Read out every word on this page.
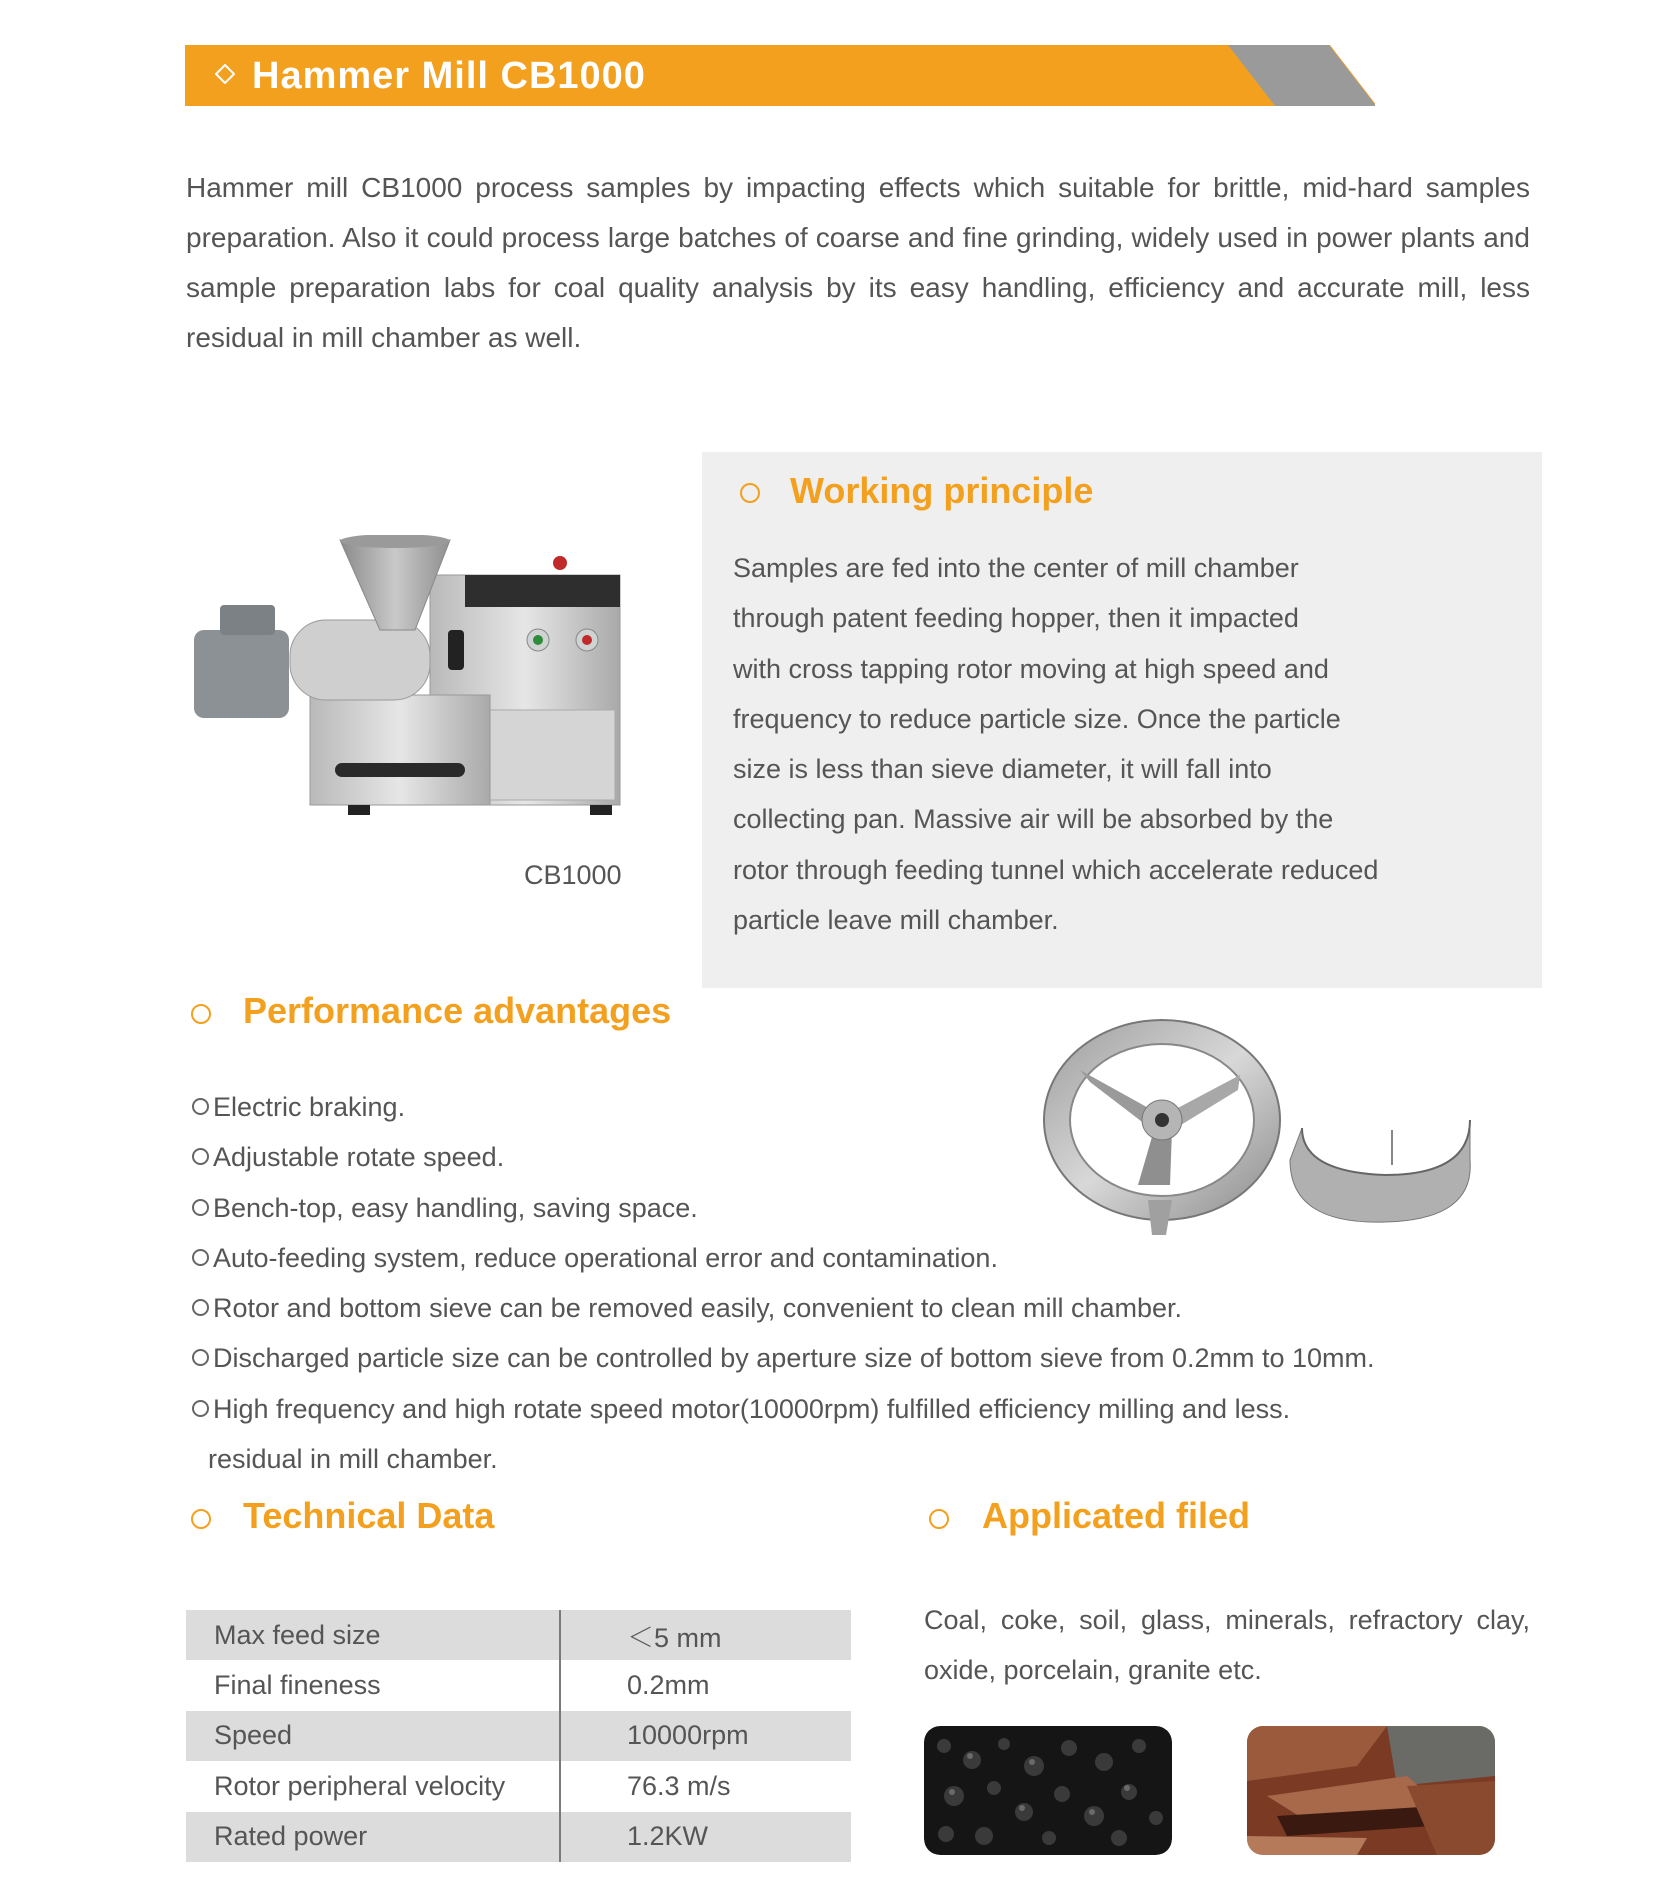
Hammer Mill CB1000
Hammer mill CB1000 process samples by impacting effects which suitable for brittle, mid-hard samples preparation. Also it could process large batches of coarse and fine grinding, widely used in power plants and sample preparation labs for coal quality analysis by its easy handling, efficiency and accurate mill, less residual in mill chamber as well.
CB1000
Working principle
Samples are fed into the center of mill chamber
through patent feeding hopper, then it impacted
with cross tapping rotor moving at high speed and
frequency to reduce particle size. Once the particle
size is less than sieve diameter, it will fall into
collecting pan. Massive air will be absorbed by the
rotor through feeding tunnel which accelerate reduced
particle leave mill chamber.
Performance advantages
Electric braking.
Adjustable rotate speed.
Bench-top, easy handling, saving space.
Auto-feeding system, reduce operational error and contamination.
Rotor and bottom sieve can be removed easily, convenient to clean mill chamber.
Discharged particle size can be controlled by aperture size of bottom sieve from 0.2mm to 10mm.
High frequency and high rotate speed motor(10000rpm) fulfilled efficiency milling and less.
residual in mill chamber.
Technical Data
Max feed size	＜5 mm
Final fineness	0.2mm
Speed	10000rpm
Rotor peripheral velocity	76.3 m/s
Rated power	1.2KW
Applicated filed
Coal, coke, soil, glass, minerals, refractory clay, oxide, porcelain, granite etc.
